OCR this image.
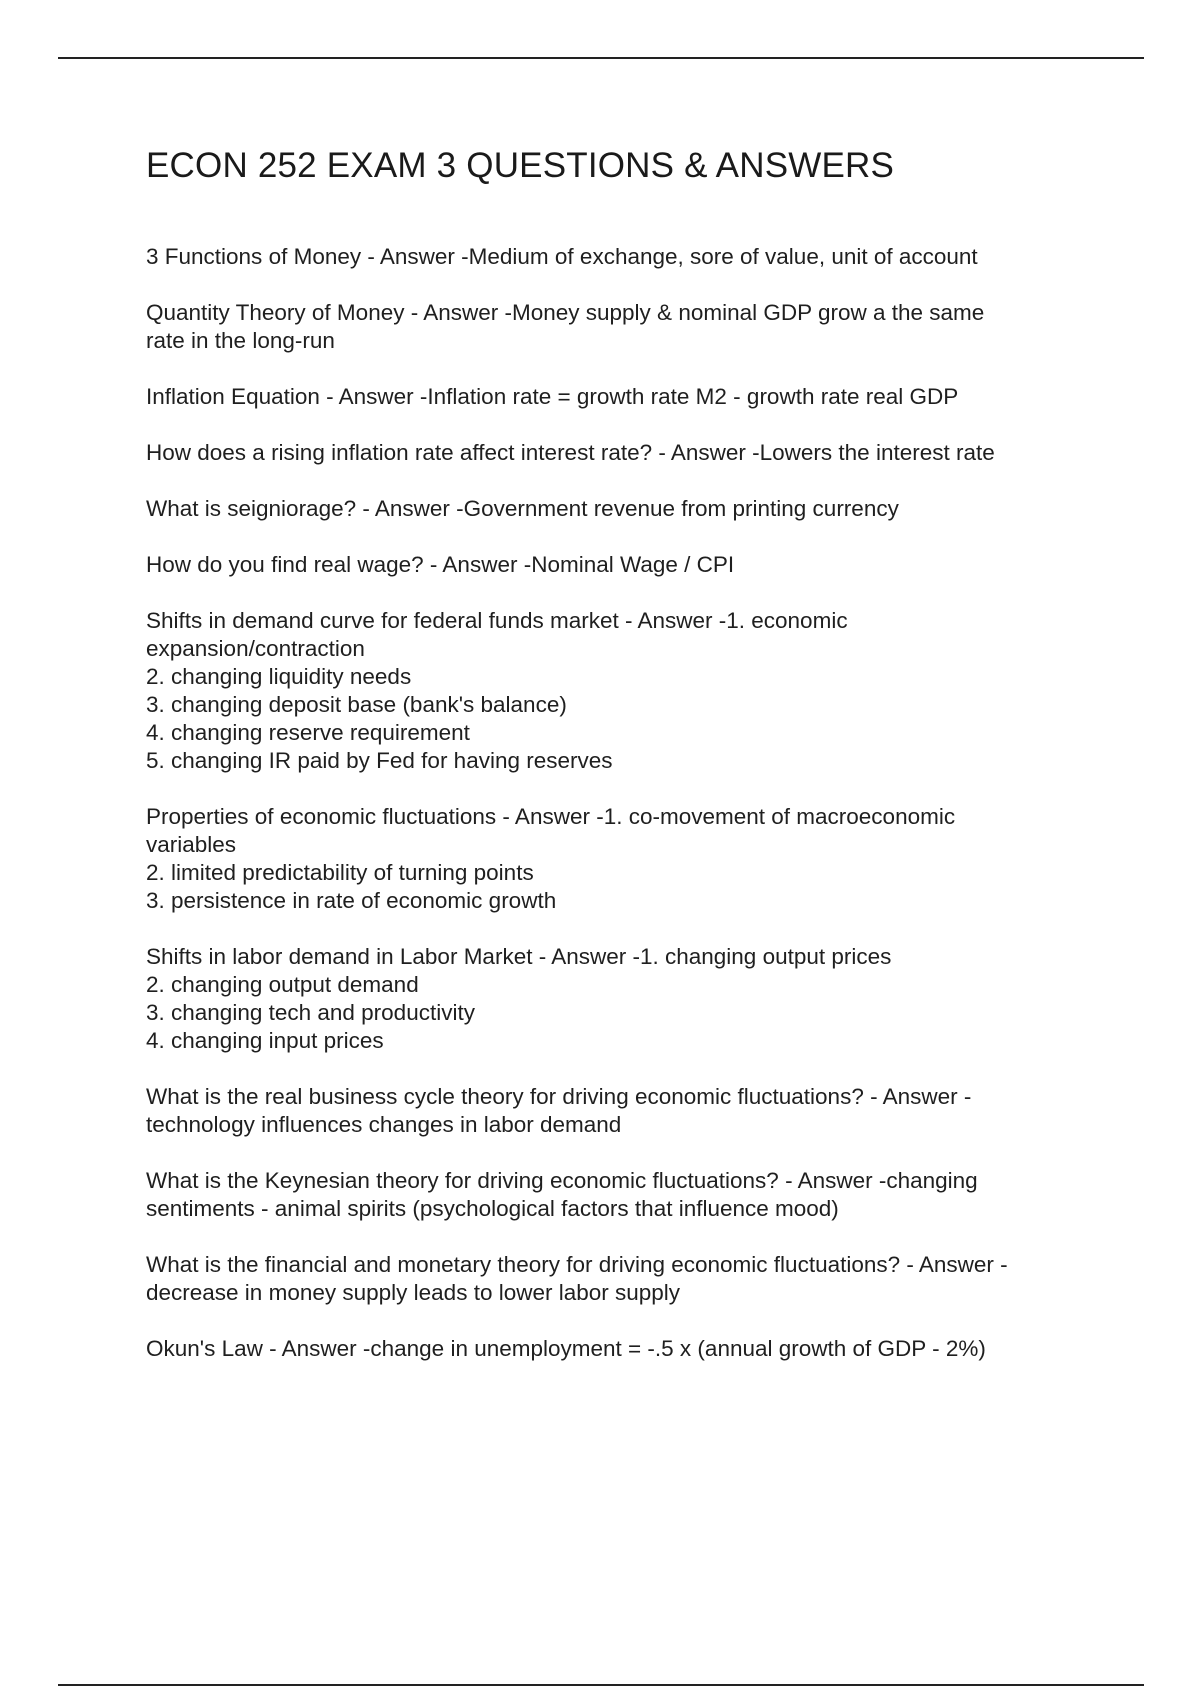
ECON 252 EXAM 3 QUESTIONS & ANSWERS
3 Functions of Money - Answer -Medium of exchange, sore of value, unit of account
Quantity Theory of Money - Answer -Money supply & nominal GDP grow a the same
rate in the long-run
Inflation Equation - Answer -Inflation rate = growth rate M2 - growth rate real GDP
How does a rising inflation rate affect interest rate? - Answer -Lowers the interest rate
What is seigniorage? - Answer -Government revenue from printing currency
How do you find real wage? - Answer -Nominal Wage / CPI
Shifts in demand curve for federal funds market - Answer -1. economic
expansion/contraction
2. changing liquidity needs
3. changing deposit base (bank's balance)
4. changing reserve requirement
5. changing IR paid by Fed for having reserves
Properties of economic fluctuations - Answer -1. co-movement of macroeconomic
variables
2. limited predictability of turning points
3. persistence in rate of economic growth
Shifts in labor demand in Labor Market - Answer -1. changing output prices
2. changing output demand
3. changing tech and productivity
4. changing input prices
What is the real business cycle theory for driving economic fluctuations? - Answer -
technology influences changes in labor demand
What is the Keynesian theory for driving economic fluctuations? - Answer -changing
sentiments - animal spirits (psychological factors that influence mood)
What is the financial and monetary theory for driving economic fluctuations? - Answer -
decrease in money supply leads to lower labor supply
Okun's Law - Answer -change in unemployment = -.5 x (annual growth of GDP - 2%)
